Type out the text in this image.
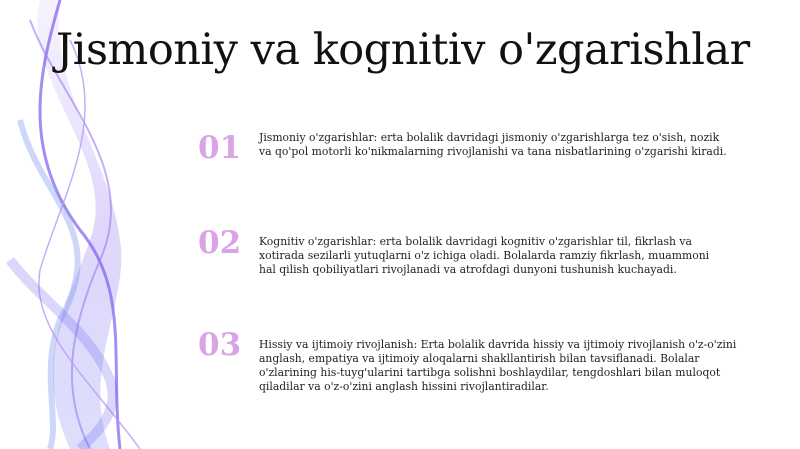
Jismoniy va kognitiv o'zgarishlar
01	Jismoniy o'zgarishlar: erta bolalik davridagi jismoniy o'zgarishlarga tez o'sish, nozik va qo'pol motorli ko'nikmalarning rivojlanishi va tana nisbatlarining o'zgarishi kiradi.
02	Kognitiv o'zgarishlar: erta bolalik davridagi kognitiv o'zgarishlar til, fikrlash va xotirada sezilarli yutuqlarni o'z ichiga oladi. Bolalarda ramziy fikrlash, muammoni hal qilish qobiliyatlari rivojlanadi va atrofdagi dunyoni tushunish kuchayadi.
03	Hissiy va ijtimoiy rivojlanish: Erta bolalik davrida hissiy va ijtimoiy rivojlanish o'z-o'zini anglash, empatiya va ijtimoiy aloqalarni shakllantirish bilan tavsiflanadi. Bolalar o'zlarining his-tuyg'ularini tartibga solishni boshlaydilar, tengdoshlari bilan muloqot qiladilar va o'z-o'zini anglash hissini rivojlantiradilar.
